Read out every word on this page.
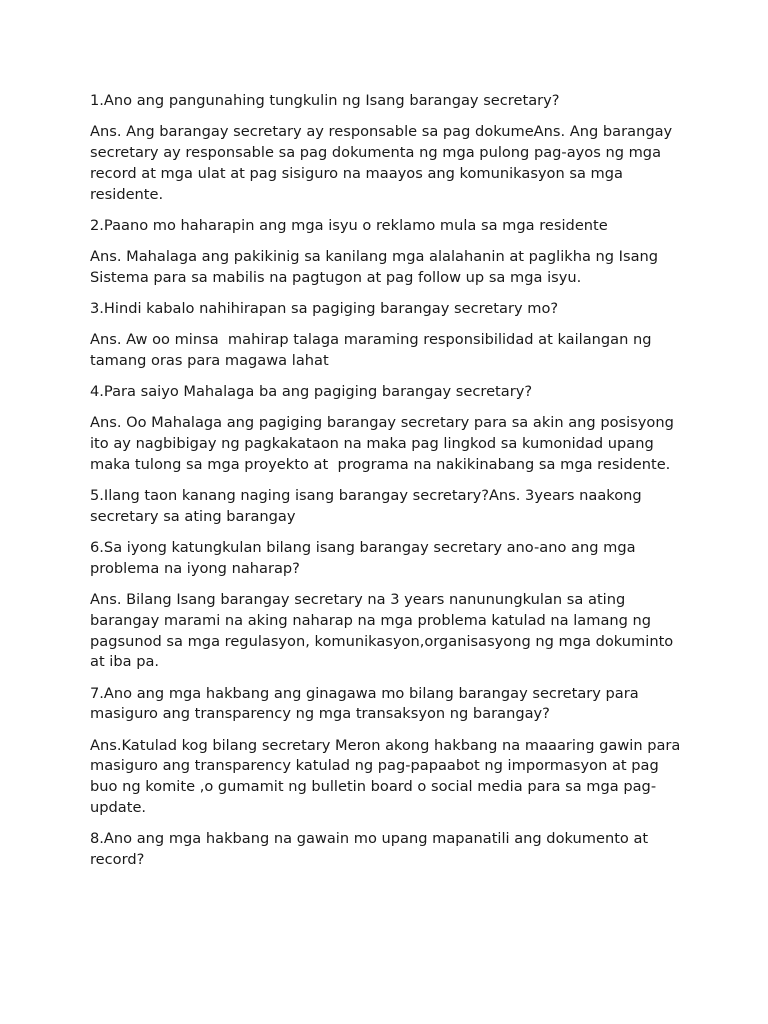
1.Ano ang pangunahing tungkulin ng Isang barangay secretary?

Ans. Ang barangay secretary ay responsable sa pag dokumeAns. Ang barangay secretary ay responsable sa pag dokumenta ng mga pulong pag-ayos ng mga record at mga ulat at pag sisiguro na maayos ang komunikasyon sa mga residente.

2.Paano mo haharapin ang mga isyu o reklamo mula sa mga residente

Ans. Mahalaga ang pakikinig sa kanilang mga alalahanin at paglikha ng Isang Sistema para sa mabilis na pagtugon at pag follow up sa mga isyu.

3.Hindi kabalo nahihirapan sa pagiging barangay secretary mo?

Ans. Aw oo minsa  mahirap talaga maraming responsibilidad at kailangan ng tamang oras para magawa lahat

4.Para saiyo Mahalaga ba ang pagiging barangay secretary?

Ans. Oo Mahalaga ang pagiging barangay secretary para sa akin ang posisyong ito ay nagbibigay ng pagkakataon na maka pag lingkod sa kumonidad upang maka tulong sa mga proyekto at  programa na nakikinabang sa mga residente.

5.Ilang taon kanang naging isang barangay secretary?Ans. 3years naakong secretary sa ating barangay

6.Sa iyong katungkulan bilang isang barangay secretary ano-ano ang mga problema na iyong naharap?

Ans. Bilang Isang barangay secretary na 3 years nanunungkulan sa ating barangay marami na aking naharap na mga problema katulad na lamang ng pagsunod sa mga regulasyon, komunikasyon,organisasyong ng mga dokuminto at iba pa.

7.Ano ang mga hakbang ang ginagawa mo bilang barangay secretary para masiguro ang transparency ng mga transaksyon ng barangay?

Ans.Katulad kog bilang secretary Meron akong hakbang na maaaring gawin para masiguro ang transparency katulad ng pag-papaabot ng impormasyon at pag buo ng komite ,o gumamit ng bulletin board o social media para sa mga pag-update.

8.Ano ang mga hakbang na gawain mo upang mapanatili ang dokumento at record?
